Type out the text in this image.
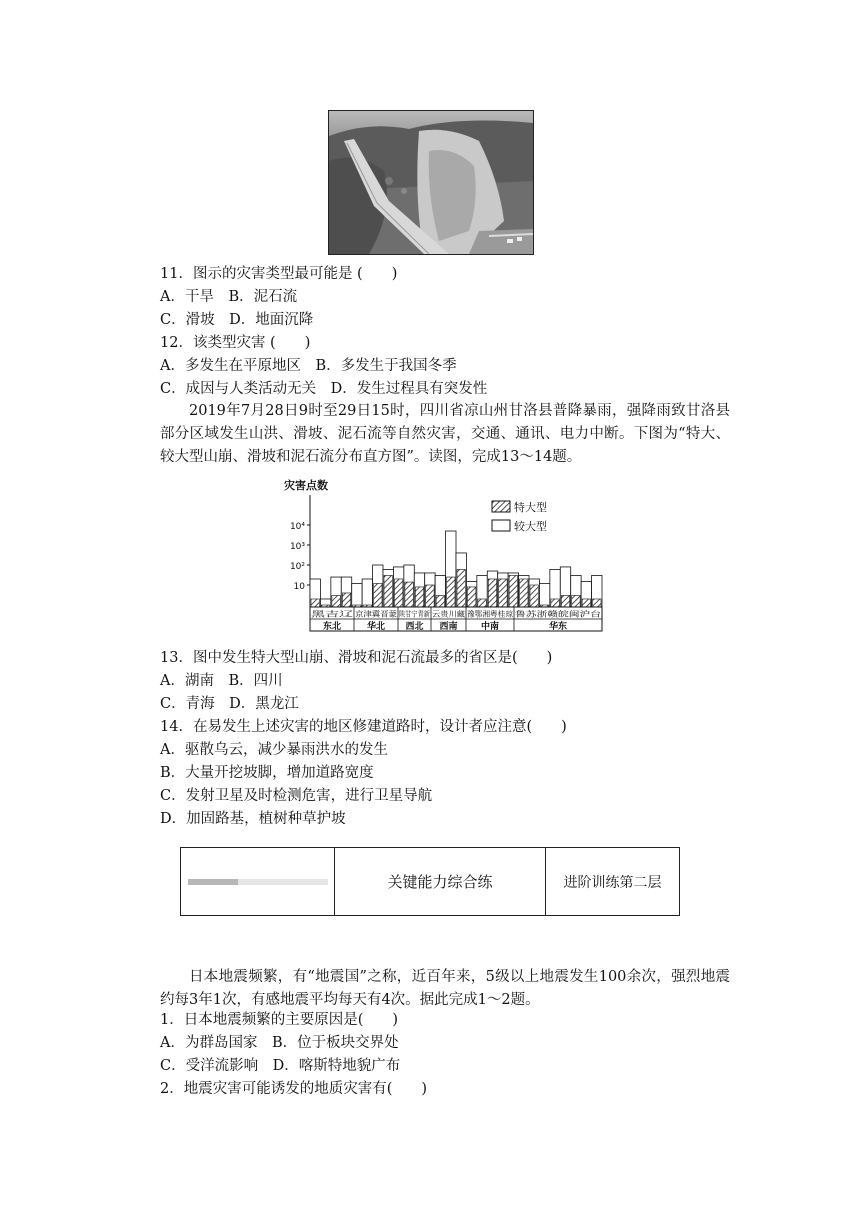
11．图示的灾害类型最可能是 (　　)
A．干旱　B．泥石流
C．滑坡　D．地面沉降
12．该类型灾害 (　　)
A．多发生在平原地区　B．多发生于我国冬季
C．成因与人类活动无关　D．发生过程具有突发性
2019年7月28日9时至29日15时，四川省凉山州甘洛县普降暴雨，强降雨致甘洛县部分区域发生山洪、滑坡、泥石流等自然灾害，交通、通讯、电力中断。下图为“特大、较大型山崩、滑坡和泥石流分布直方图”。读图，完成13～14题。
灾害点数
10
10²
10³
10⁴
特大型
较大型
黑吉辽	京津冀晋蒙 陕甘宁青新
云贵川藏 豫鄂湘粤桂琼 鲁苏浙赣皖闽沪台
东北	华北 西北 西南	中南	华东
13．图中发生特大型山崩、滑坡和泥石流最多的省区是(　　)
A．湖南　B．四川
C．青海　D．黑龙江
14．在易发生上述灾害的地区修建道路时，设计者应注意(　　)
A．驱散乌云，减少暴雨洪水的发生
B．大量开挖坡脚，增加道路宽度
C．发射卫星及时检测危害，进行卫星导航
D．加固路基，植树种草护坡
关键能力综合练	进阶训练第二层
日本地震频繁，有“地震国”之称，近百年来，5级以上地震发生100余次，强烈地震约每3年1次，有感地震平均每天有4次。据此完成1～2题。
1．日本地震频繁的主要原因是(　　)
A．为群岛国家　B．位于板块交界处
C．受洋流影响　D．喀斯特地貌广布
2．地震灾害可能诱发的地质灾害有(　　)
